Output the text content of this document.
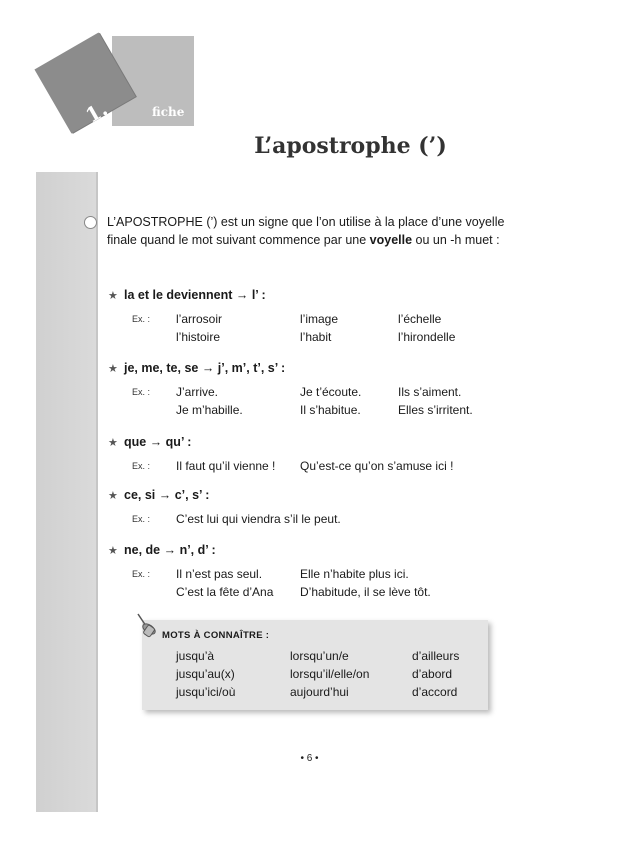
fiche
1.
L’apostrophe (’)
L’APOSTROPHE (’) est un signe que l’on utilise à la place d’une voyelle finale quand le mot suivant commence par une voyelle ou un -h muet :
★ la et le deviennent → l’ :
Ex. :	l’arrosoir	l’image	l’échelle
l’histoire	l’habit	l’hirondelle
★ je, me, te, se → j’, m’, t’, s’ :
Ex. :	J’arrive.	Je t’écoute.	Ils s’aiment.
Je m’habille.	Il s’habitue.	Elles s’irritent.
★ que → qu’ :
Ex. :	Il faut qu’il vienne !	Qu’est-ce qu’on s’amuse ici !
★ ce, si → c’, s’ :
Ex. :	C’est lui qui viendra s’il le peut.
★ ne, de → n’, d’ :
Ex. :	Il n’est pas seul.	Elle n’habite plus ici.
C’est la fête d’Ana	D’habitude, il se lève tôt.
MOTS À CONNAÎTRE :
jusqu’à	lorsqu’un/e	d’ailleurs
jusqu’au(x)	lorsqu’il/elle/on	d’abord
jusqu’ici/où	aujourd’hui	d’accord
• 6 •
